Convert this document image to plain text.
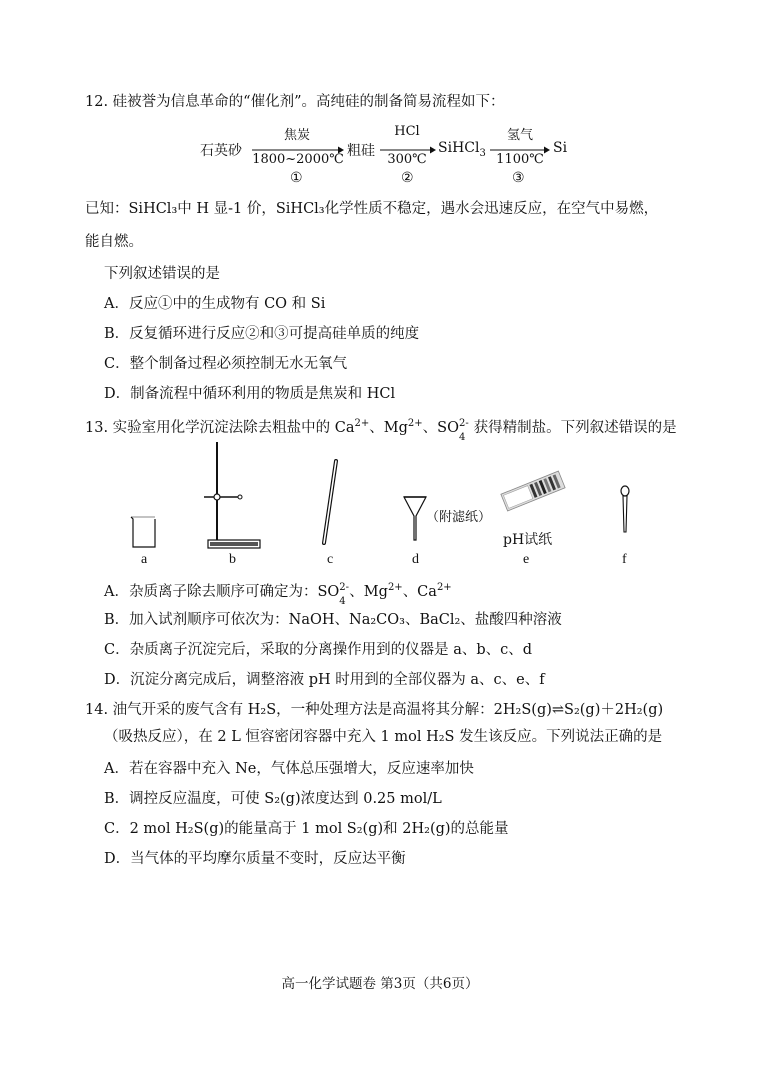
12. 硅被誉为信息革命的“催化剂”。高纯硅的制备简易流程如下：
石英砂
焦炭
1800~2000℃
①
粗硅
HCl
300℃
②
SiHCl$_3$
氢气
1100℃
③
Si
已知：SiHCl₃中 H 显-1 价，SiHCl₃化学性质不稳定，遇水会迅速反应，在空气中易燃，
能自燃。
下列叙述错误的是
A．反应①中的生成物有 CO 和 Si
B．反复循环进行反应②和③可提高硅单质的纯度
C．整个制备过程必须控制无水无氧气
D．制备流程中循环利用的物质是焦炭和 HCl
13. 实验室用化学沉淀法除去粗盐中的 $Ca^{2+}$、$Mg^{2+}$、SO 2-
4
获得精制盐。下列叙述错误的是
（附滤纸）
pH试纸
a	b	c	d	e	f
A．杂质离子除去顺序可确定为：SO 2-
4
、$Mg^{2+}$、$Ca^{2+}$
B．加入试剂顺序可依次为：NaOH、Na₂CO₃、BaCl₂、盐酸四种溶液
C．杂质离子沉淀完后，采取的分离操作用到的仪器是 a、b、c、d
D．沉淀分离完成后，调整溶液 pH 时用到的全部仪器为 a、c、e、f
14. 油气开采的废气含有 H₂S，一种处理方法是高温将其分解：2H₂S(g)⇌S₂(g)＋2H₂(g)
（吸热反应），在 2 L 恒容密闭容器中充入 1 mol H₂S 发生该反应。下列说法正确的是
A．若在容器中充入 Ne，气体总压强增大，反应速率加快
B．调控反应温度，可使 S₂(g)浓度达到 0.25 mol/L
C．2 mol H₂S(g)的能量高于 1 mol S₂(g)和 2H₂(g)的总能量
D．当气体的平均摩尔质量不变时，反应达平衡
高一化学试题卷 第3页（共6页）
